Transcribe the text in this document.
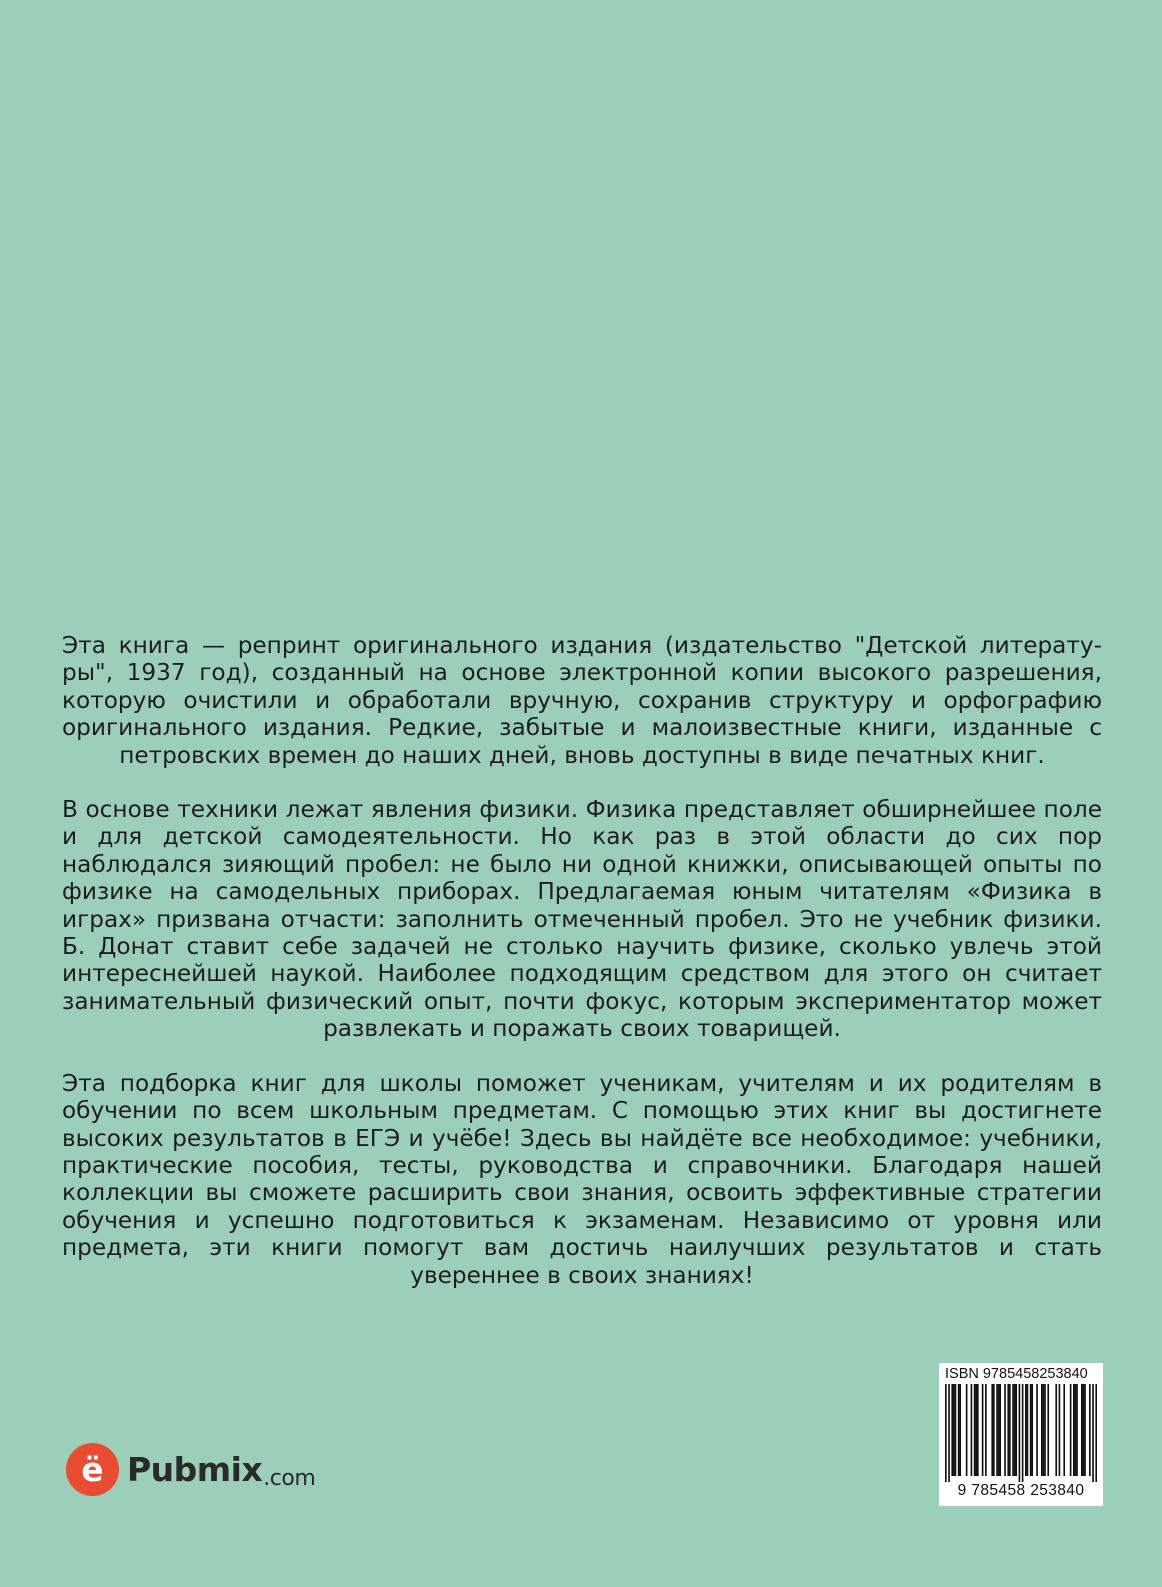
Эта книга — репринт оригинального издания (издательство "Детской литературы", 1937 год), созданный на основе электронной копии высокого разрешения, которую очистили и обработали вручную, сохранив структуру и орфографию оригинального издания. Редкие, забытые и малоизвестные книги, изданные с петровских времен до наших дней, вновь доступны в виде печатных книг.

В основе техники лежат явления физики. Физика представляет обширнейшее поле и для детской самодеятельности. Но как раз в этой области до сих пор наблюдался зияющий пробел: не было ни одной книжки, описывающей опыты по физике на самодельных приборах. Предлагаемая юным читателям «Физика в играх» призвана отчасти: заполнить отмеченный пробел. Это не учебник физики. Б. Донат ставит себе задачей не столько научить физике, сколько увлечь этой интереснейшей наукой. Наиболее подходящим средством для этого он считает занимательный физический опыт, почти фокус, которым экспериментатор может развлекать и поражать своих товарищей.

Эта подборка книг для школы поможет ученикам, учителям и их родителям в обучении по всем школьным предметам. С помощью этих книг вы достигнете высоких результатов в ЕГЭ и учёбе! Здесь вы найдёте все необходимое: учебники, практические пособия, тесты, руководства и справочники. Благодаря нашей коллекции вы сможете расширить свои знания, освоить эффективные стратегии обучения и успешно подготовиться к экзаменам. Независимо от уровня или предмета, эти книги помогут вам достичь наилучших результатов и стать увереннее в своих знаниях!

ё Pubmix.com
ISBN 9785458253840
9 785458 253840
